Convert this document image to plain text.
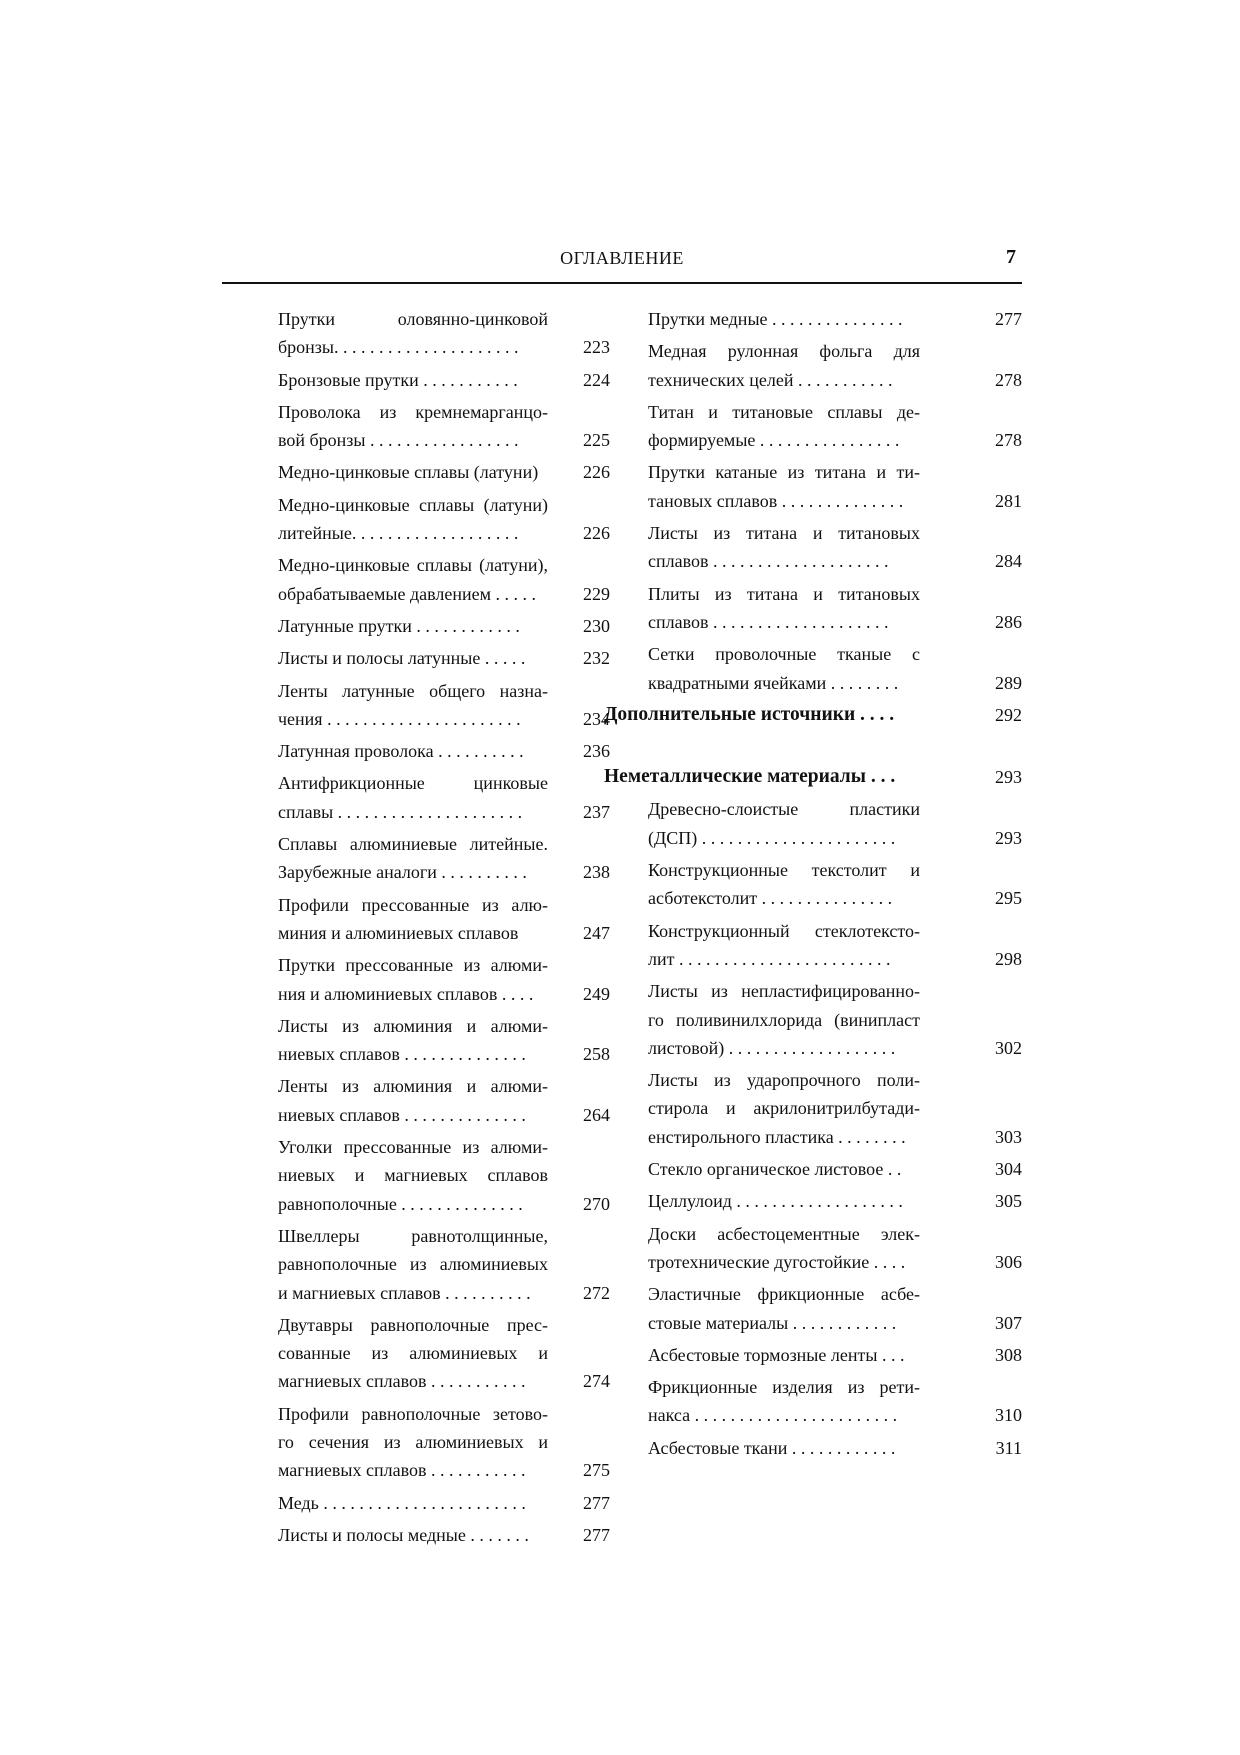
ОГЛАВЛЕНИЕ	7
Прутки оловянно-цинковой
бронзы. . . . . . . . . . . . . . . . . . . . .	223
Бронзовые прутки . . . . . . . . . . .	224
Проволока из кремнемарганцо-
вой бронзы . . . . . . . . . . . . . . . . .	225
Медно-цинковые сплавы (латуни)	226
Медно-цинковые сплавы (латуни)
литейные. . . . . . . . . . . . . . . . . . .	226
Медно-цинковые сплавы (латуни),
обрабатываемые давлением . . . . .	229
Латунные прутки . . . . . . . . . . . .	230
Листы и полосы латунные . . . . .	232
Ленты латунные общего назна-
чения . . . . . . . . . . . . . . . . . . . . . .	234
Латунная проволока . . . . . . . . . .	236
Антифрикционные цинковые
сплавы . . . . . . . . . . . . . . . . . . . . .	237
Сплавы алюминиевые литейные.
Зарубежные аналоги . . . . . . . . . .	238
Профили прессованные из алю-
миния и алюминиевых сплавов	247
Прутки прессованные из алюми-
ния и алюминиевых сплавов . . . .	249
Листы из алюминия и алюми-
ниевых сплавов . . . . . . . . . . . . . .	258
Ленты из алюминия и алюми-
ниевых сплавов . . . . . . . . . . . . . .	264
Уголки прессованные из алюми-
ниевых и магниевых сплавов
равнополочные . . . . . . . . . . . . . .	270
Швеллеры равнотолщинные,
равнополочные из алюминиевых
и магниевых сплавов . . . . . . . . . .	272
Двутавры равнополочные прес-
сованные из алюминиевых и
магниевых сплавов . . . . . . . . . . .	274
Профили равнополочные зетово-
го сечения из алюминиевых и
магниевых сплавов . . . . . . . . . . .	275
Медь . . . . . . . . . . . . . . . . . . . . . . .	277
Листы и полосы медные . . . . . . .	277
Прутки медные . . . . . . . . . . . . . . .	277
Медная рулонная фольга для
технических целей . . . . . . . . . . .	278
Титан и титановые сплавы де-
формируемые . . . . . . . . . . . . . . . .	278
Прутки катаные из титана и ти-
тановых сплавов . . . . . . . . . . . . . .	281
Листы из титана и титановых
сплавов . . . . . . . . . . . . . . . . . . . .	284
Плиты из титана и титановых
сплавов . . . . . . . . . . . . . . . . . . . .	286
Сетки проволочные тканые с
квадратными ячейками . . . . . . . .	289
Дополнительные источники . . . .	292
Неметаллические материалы . . .	293
Древесно-слоистые пластики
(ДСП) . . . . . . . . . . . . . . . . . . . . . .	293
Конструкционные текстолит и
асботекстолит . . . . . . . . . . . . . . .	295
Конструкционный стеклотексто-
лит . . . . . . . . . . . . . . . . . . . . . . . .	298
Листы из непластифицированно-
го поливинилхлорида (винипласт
листовой) . . . . . . . . . . . . . . . . . . .	302
Листы из ударопрочного поли-
стирола и акрилонитрилбутади-
енстирольного пластика . . . . . . . .	303
Стекло органическое листовое . .	304
Целлулоид . . . . . . . . . . . . . . . . . . .	305
Доски асбестоцементные элек-
тротехнические дугостойкие . . . .	306
Эластичные фрикционные асбе-
стовые материалы . . . . . . . . . . . .	307
Асбестовые тормозные ленты . . .	308
Фрикционные изделия из рети-
накса . . . . . . . . . . . . . . . . . . . . . . .	310
Асбестовые ткани . . . . . . . . . . . .	311
